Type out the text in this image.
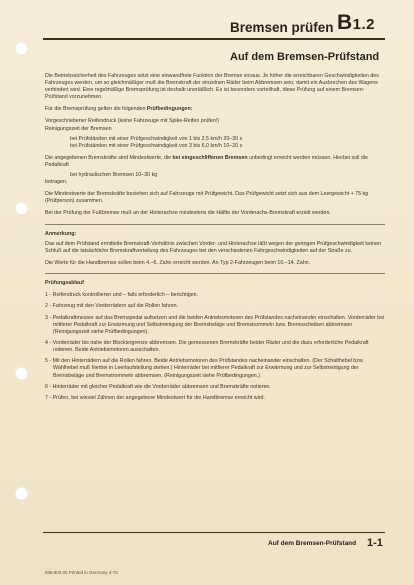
Bremsen prüfen B1.2
Auf dem Bremsen-Prüfstand

Die Betriebssicherheit des Fahrzeuges setzt eine einwandfreie Funktion der Bremse voraus. Je höher die erreichbaren Geschwindigkeiten des Fahrzeuges werden, um so gleichmäßiger muß die Bremskraft der einzelnen Räder beim Abbremsen sein, damit ein Ausbrechen des Wagens verhindert wird. Eine regelmäßige Bremsprüfung ist deshalb unerläßlich. Es ist besonders vorteilhaft, diese Prüfung auf einem Bremsen-Prüfstand vorzunehmen.

Für die Bremsprüfung gelten die folgenden Prüfbedingungen:

Vorgeschriebener Reifendruck (keine Fahrzeuge mit Spike-Reifen prüfen!)

Reinigungszeit der Bremsen

bei Prüfständen mit einer Prüfgeschwindigkeit von 1 bis 2,5 km/h 20–30 s

bei Prüfständen mit einer Prüfgeschwindigkeit von 3 bis 6,0 km/h 10–20 s

Die angegebenen Bremskräfte sind Mindestwerte, die bei eingeschliffenen Bremsen unbedingt erreicht werden müssen. Hierbei soll die Pedalkraft

bei hydraulischen Bremsen 10–30 kg

betragen.

Die Mindestwerte der Bremskräfte beziehen sich auf Fahrzeuge mit Prüfgewicht. Das Prüfgewicht setzt sich aus dem Leergewicht + 75 kg (Prüfperson) zusammen.

Bei der Prüfung der Fußbremse muß an der Hinterachse mindestens die Hälfte der Vorderachs-Bremskraft erzielt werden.

Anmerkung:

Das auf dem Prüfstand ermittelte Bremskraft-Verhältnis zwischen Vorder- und Hinterachse läßt wegen der geringen Prüfgeschwindigkeit keinen Schluß auf die tatsächliche Bremskraftverteilung des Fahrzeuges bei den verschiedenen Fahrgeschwindigkeiten auf der Straße zu.

Die Werte für die Handbremse sollen beim 4.–6. Zahn erreicht werden. An Typ 2-Fahrzeugen beim 10.–14. Zahn.

Prüfungsablauf

1 - Reifendruck kontrollieren und – falls erforderlich – berichtigen.

2 - Fahrzeug mit den Vorderrädern auf die Rollen fahren.

3 - Pedalkraftmesser auf das Bremspedal aufsetzen und die beiden Antriebsmotoren des Prüfstandes nacheinander einschalten. Vorderräder bei mittlerer Pedalkraft zur Erwärmung und Selbstreinigung der Bremsbeläge und Bremstrommeln bzw. Bremsscheiben abbremsen (Reinigungszeit siehe Prüfbedingungen).

4 - Vorderräder bis nahe der Blockiergrenze abbremsen. Die gemessenen Bremskräfte beider Räder und die dazu erforderliche Pedalkraft notieren. Beide Antriebsmotoren ausschalten.

5 - Mit den Hinterrädern auf die Rollen fahren. Beide Antriebsmotoren des Prüfstandes nacheinander einschalten. (Der Schalthebel bzw. Wählhebel muß hierbei in Leerlaufstellung stehen.) Hinterräder bei mittlerer Pedalkraft zur Erwärmung und zur Selbstreinigung der Bremsbeläge und Bremstrommeln abbremsen. (Reinigungszeit siehe Prüfbedingungen.)

6 - Hinterräder mit gleicher Pedalkraft wie die Vorderräder abbremsen und Bremskräfte notieren.

7 - Prüfen, bei wieviel Zähnen der angegebene Mindestwert für die Handbremse erreicht wird.

Auf dem Bremsen-Prüfstand 1-1
939.903.00 Printed in Germany 4-70
